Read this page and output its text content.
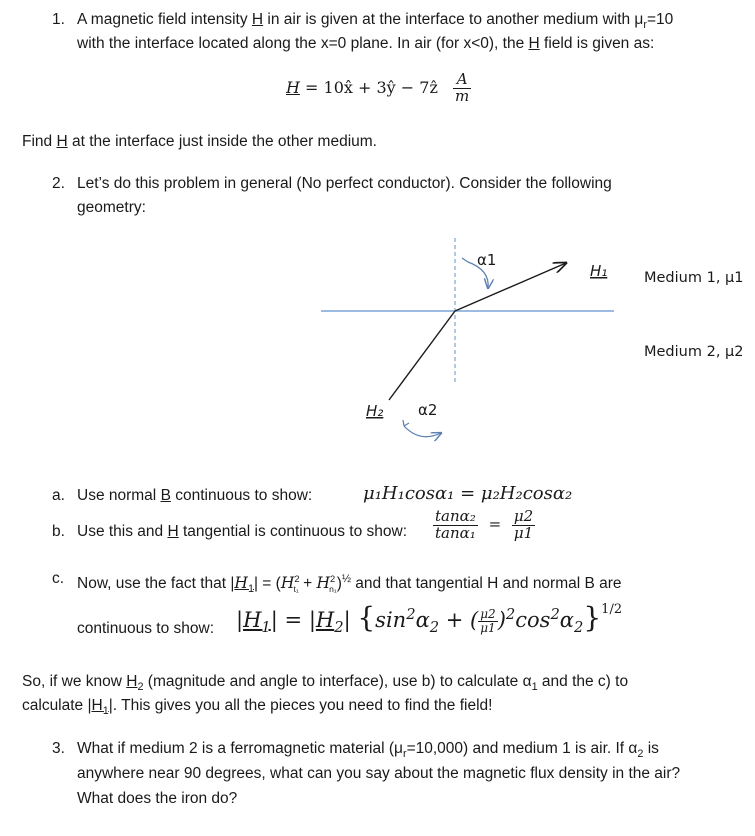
1. A magnetic field intensity H in air is given at the interface to another medium with $\mu_r=10$
with the interface located along the x=0 plane. In air (for x<0), the H field is given as:
H = 10x̂ + 3ŷ − 7ẑ $\frac{A}{m}$
Find H at the interface just inside the other medium.
2. Let’s do this problem in general (No perfect conductor). Consider the following
geometry:
α1
α2
H₁
H₂
Medium 1, μ1
Medium 2, μ2
a. Use normal B continuous to show:	μ₁H₁cosα₁ = μ₂H₂cosα₂
b. Use this and H tangential is continuous to show: $\frac{\text{tanα₂}}{\text{tanα₁}} = \frac{\mu 2}{\mu 1}$
c. Now, use the fact that $|H_1| = (H^2_{t_1} + H^2_{n_1})^{\frac{1}{2}}$ and that tangential H and normal B are
continuous to show: $|H_1| = |H_2|$ {$\sin^2\alpha_2$ + ( $\frac{\mu 2}{\mu 1} )^2\cos^2\alpha_2\}^{1/2}$
So, if we know $H_2$ (magnitude and angle to interface), use b) to calculate $\alpha_1$ and the c) to
calculate $|H_1|$. This gives you all the pieces you need to find the field!
3. What if medium 2 is a ferromagnetic material $(\mu_r=10,000)$ and medium 1 is air. If $\alpha_2$ is
anywhere near 90 degrees, what can you say about the magnetic flux density in the air?
What does the iron do?
